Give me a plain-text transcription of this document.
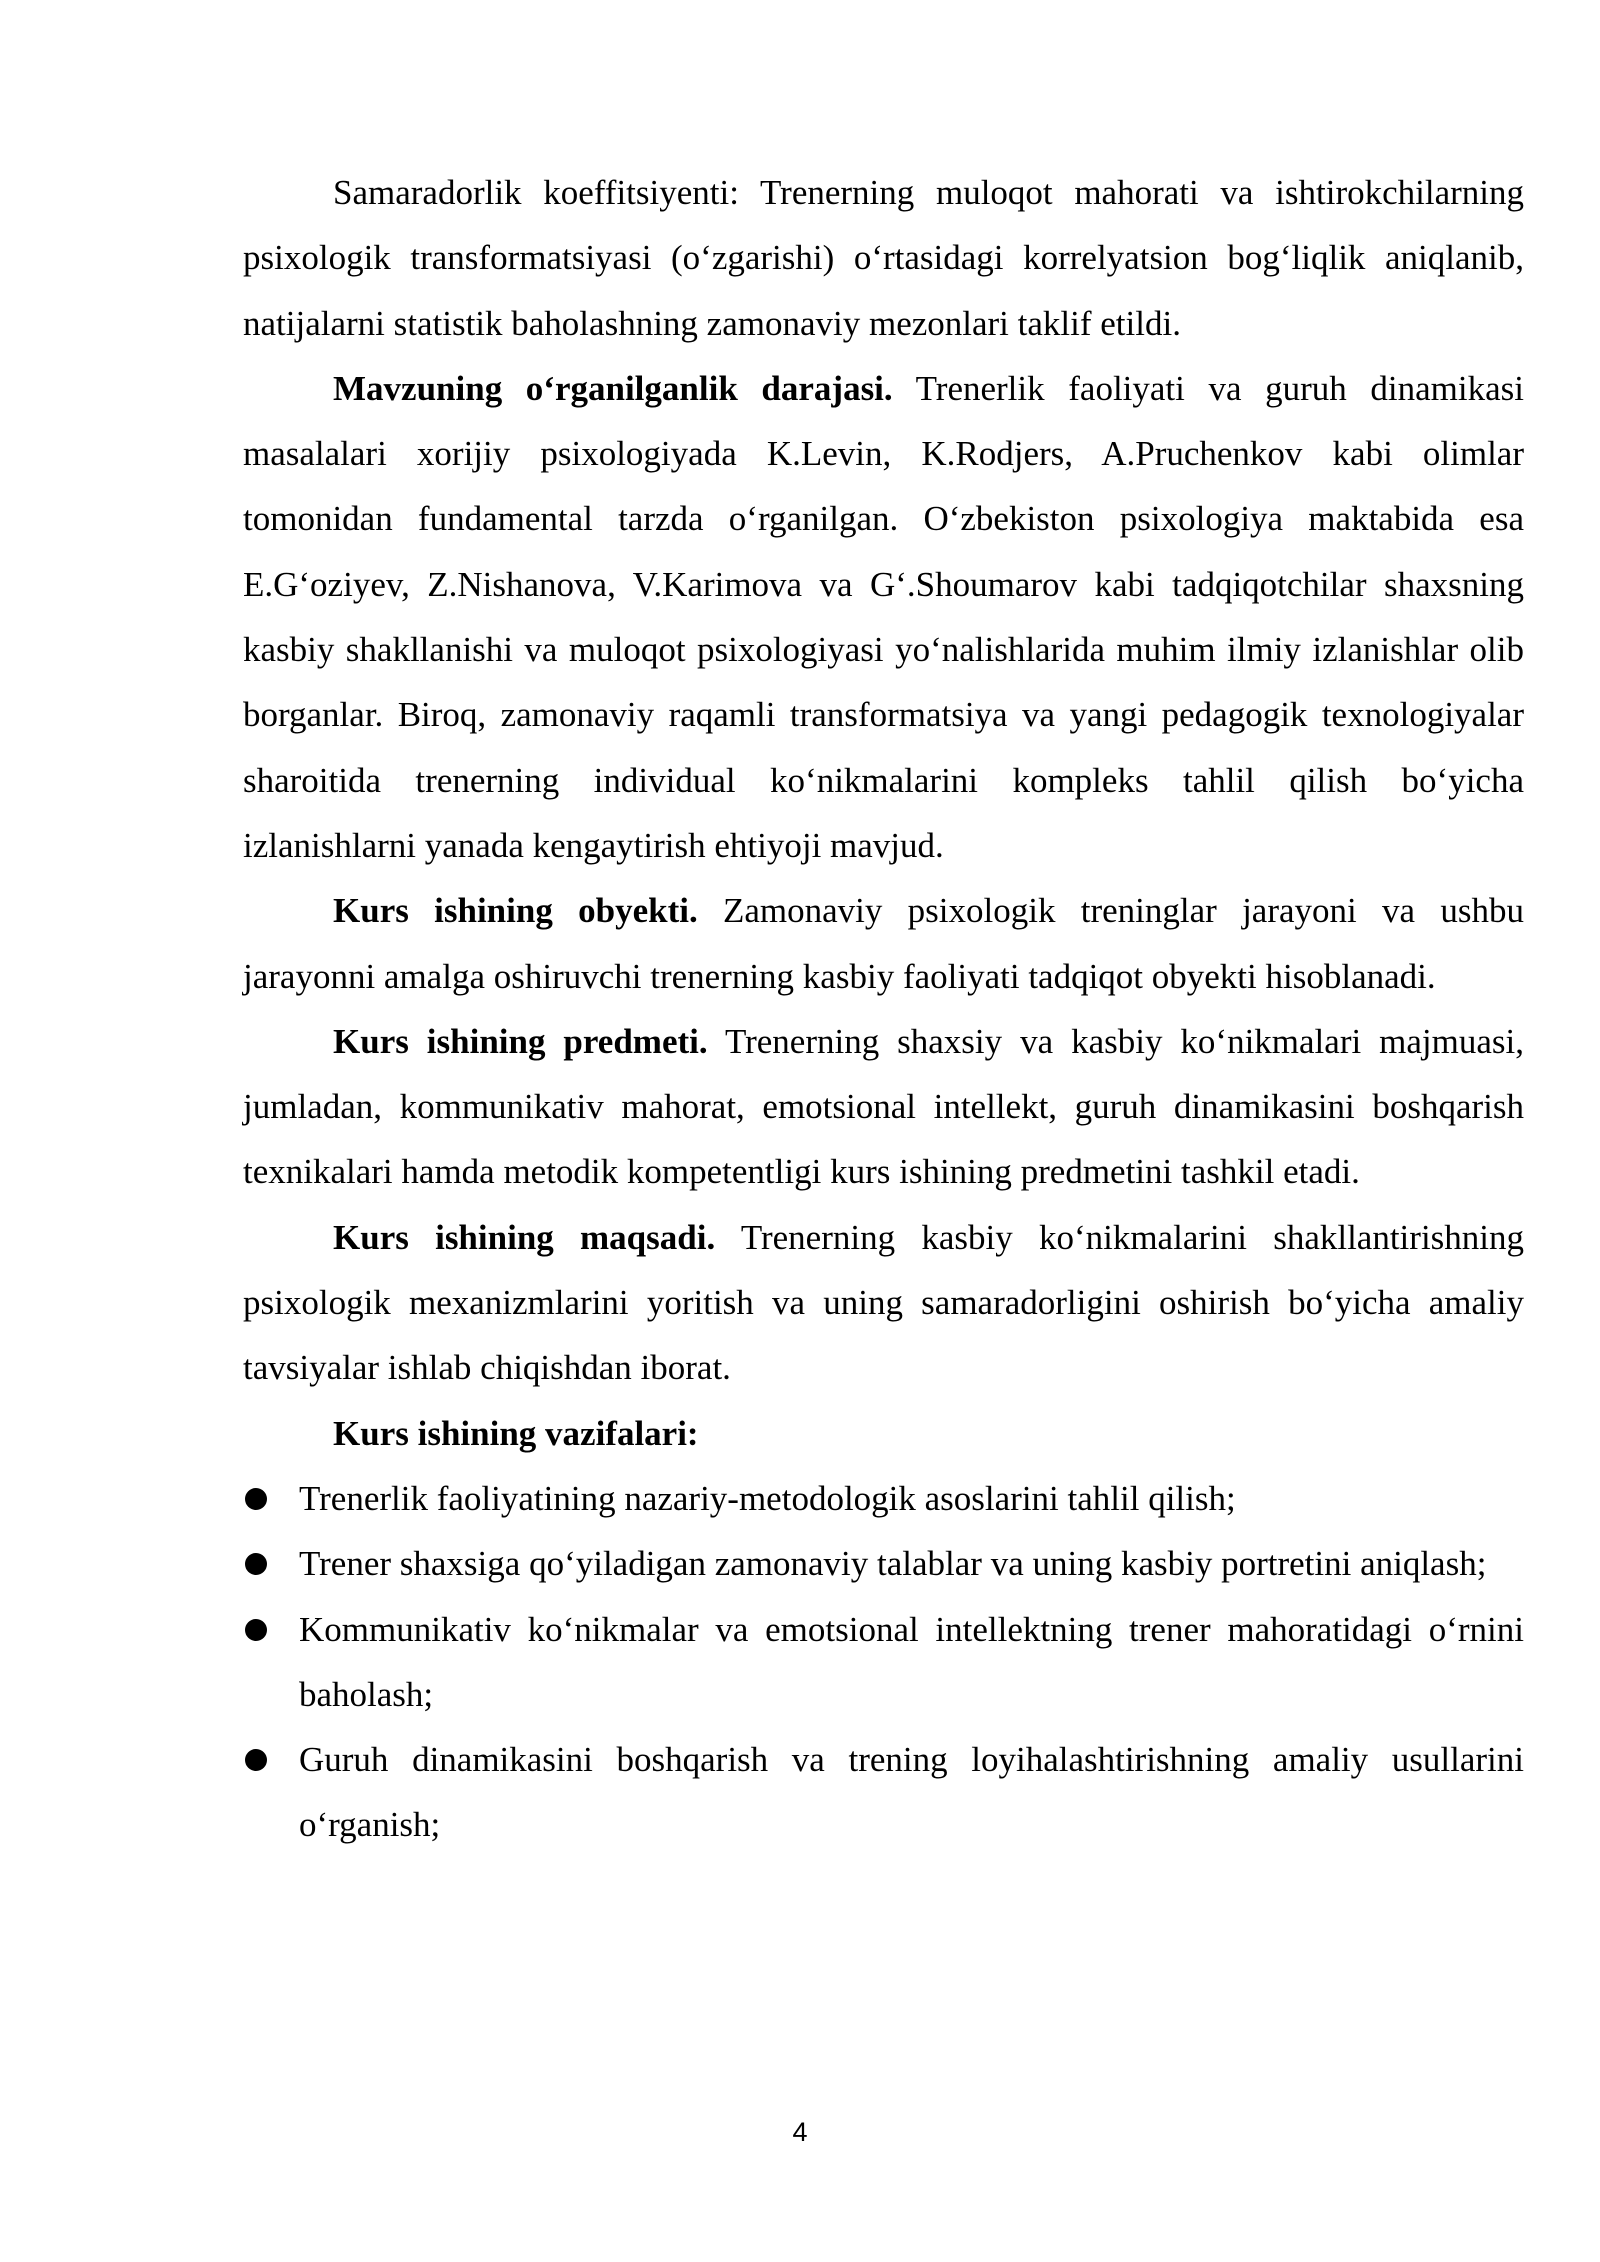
Samaradorlik koeffitsiyenti: Trenerning muloqot mahorati va ishtirokchilarning psixologik transformatsiyasi (oʻzgarishi) oʻrtasidagi korrelyatsion bogʻliqlik aniqlanib, natijalarni statistik baholashning zamonaviy mezonlari taklif etildi.

Mavzuning oʻrganilganlik darajasi. Trenerlik faoliyati va guruh dinamikasi masalalari xorijiy psixologiyada K.Levin, K.Rodjers, A.Pruchenkov kabi olimlar tomonidan fundamental tarzda oʻrganilgan. Oʻzbekiston psixologiya maktabida esa E.Gʻoziyev, Z.Nishanova, V.Karimova va Gʻ.Shoumarov kabi tadqiqotchilar shaxsning kasbiy shakllanishi va muloqot psixologiyasi yoʻnalishlarida muhim ilmiy izlanishlar olib borganlar. Biroq, zamonaviy raqamli transformatsiya va yangi pedagogik texnologiyalar sharoitida trenerning individual koʻnikmalarini kompleks tahlil qilish boʻyicha izlanishlarni yanada kengaytirish ehtiyoji mavjud.

Kurs ishining obyekti. Zamonaviy psixologik treninglar jarayoni va ushbu jarayonni amalga oshiruvchi trenerning kasbiy faoliyati tadqiqot obyekti hisoblanadi.

Kurs ishining predmeti. Trenerning shaxsiy va kasbiy koʻnikmalari majmuasi, jumladan, kommunikativ mahorat, emotsional intellekt, guruh dinamikasini boshqarish texnikalari hamda metodik kompetentligi kurs ishining predmetini tashkil etadi.

Kurs ishining maqsadi. Trenerning kasbiy koʻnikmalarini shakllantirishning psixologik mexanizmlarini yoritish va uning samaradorligini oshirish boʻyicha amaliy tavsiyalar ishlab chiqishdan iborat.

Kurs ishining vazifalari:

Trenerlik faoliyatining nazariy-metodologik asoslarini tahlil qilish;
Trener shaxsiga qoʻyiladigan zamonaviy talablar va uning kasbiy portretini aniqlash;
Kommunikativ koʻnikmalar va emotsional intellektning trener mahoratidagi oʻrnini baholash;
Guruh dinamikasini boshqarish va trening loyihalashtirishning amaliy usullarini oʻrganish;
4
